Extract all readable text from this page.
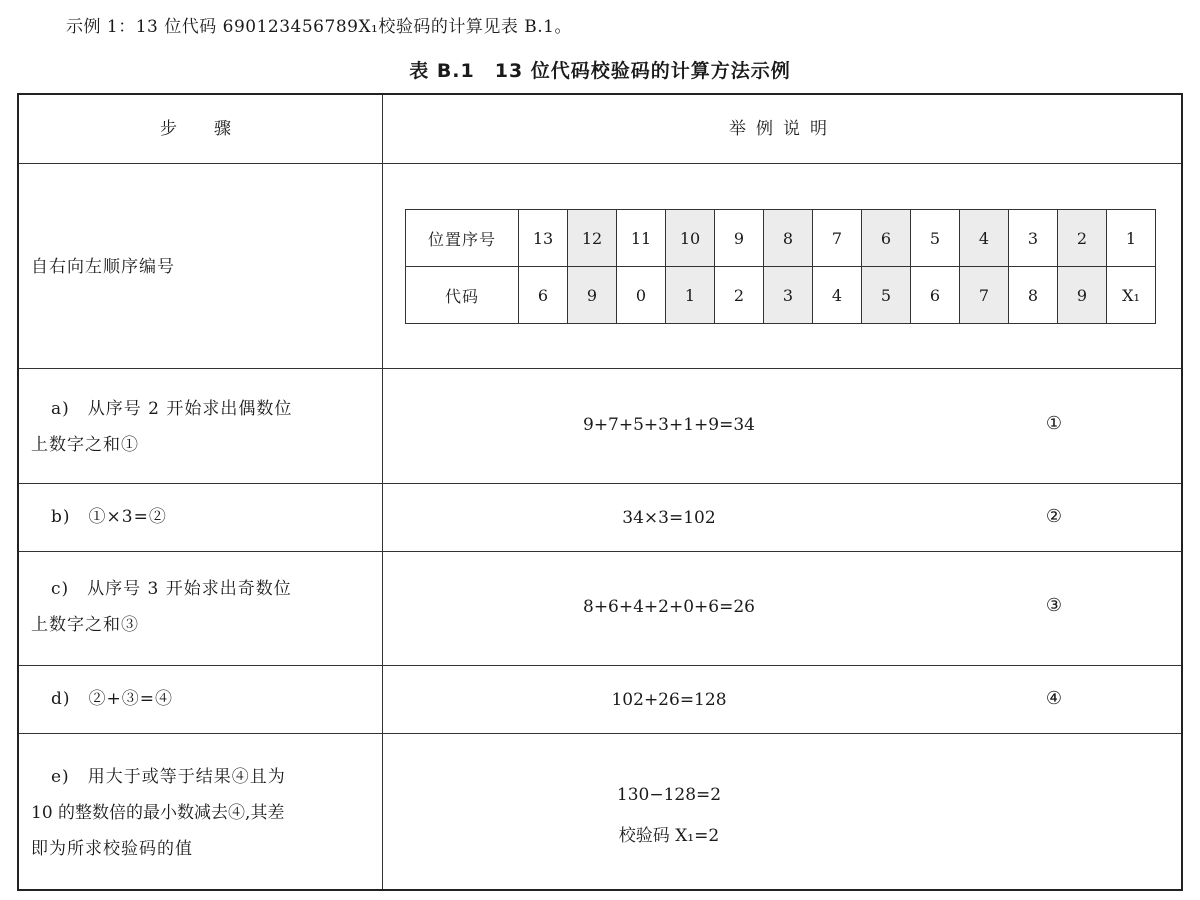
示例 1：13 位代码 690123456789X₁校验码的计算见表 B.1。
表 B.1　13 位代码校验码的计算方法示例
步　骤	举例说明
自右向左顺序编号
位置序号	13	12	11	10	9	8	7	6	5	4	3	2	1
代码	6	9	0	1	2	3	4	5	6	7	8	9	X₁
a)　从序号 2 开始求出偶数位
上数字之和①
9+7+5+3+1+9=34	①
b)　①×3=②	34×3=102	②
c)　从序号 3 开始求出奇数位
上数字之和③
8+6+4+2+0+6=26	③
d)　②+③=④	102+26=128	④
e)　用大于或等于结果④且为
10 的整数倍的最小数减去④,其差
即为所求校验码的值
130−128=2
校验码 X₁=2
